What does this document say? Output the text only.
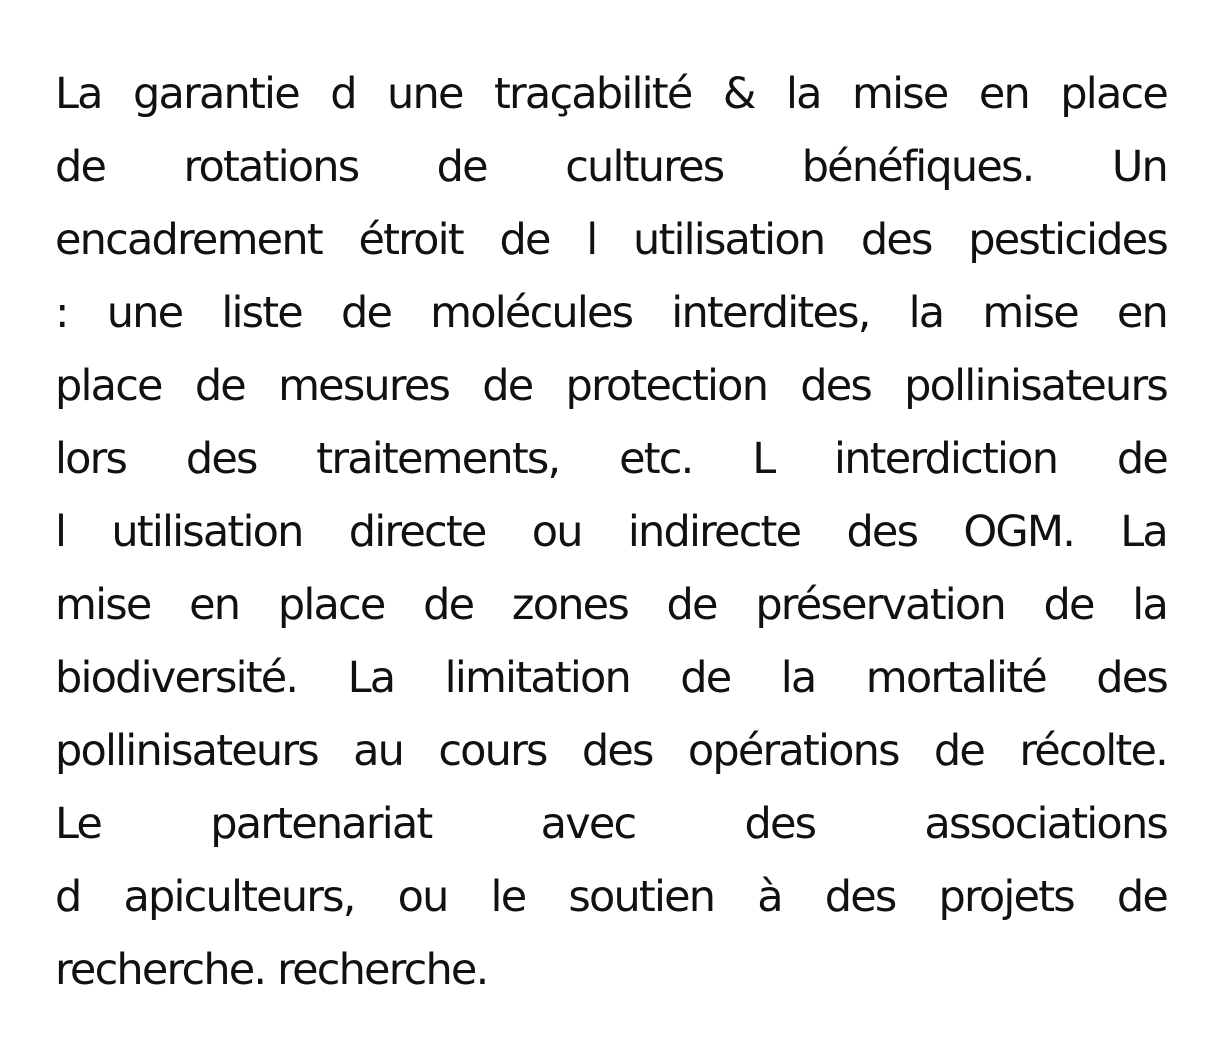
La garantie d une traçabilité & la mise en place
de rotations de cultures bénéfiques. Un
encadrement étroit de l utilisation des pesticides
: une liste de molécules interdites, la mise en
place de mesures de protection des pollinisateurs
lors des traitements, etc. L interdiction de
l utilisation directe ou indirecte des OGM. La
mise en place de zones de préservation de la
biodiversité. La limitation de la mortalité des
pollinisateurs au cours des opérations de récolte.
Le partenariat avec des associations
d apiculteurs, ou le soutien à des projets de
recherche. recherche.
